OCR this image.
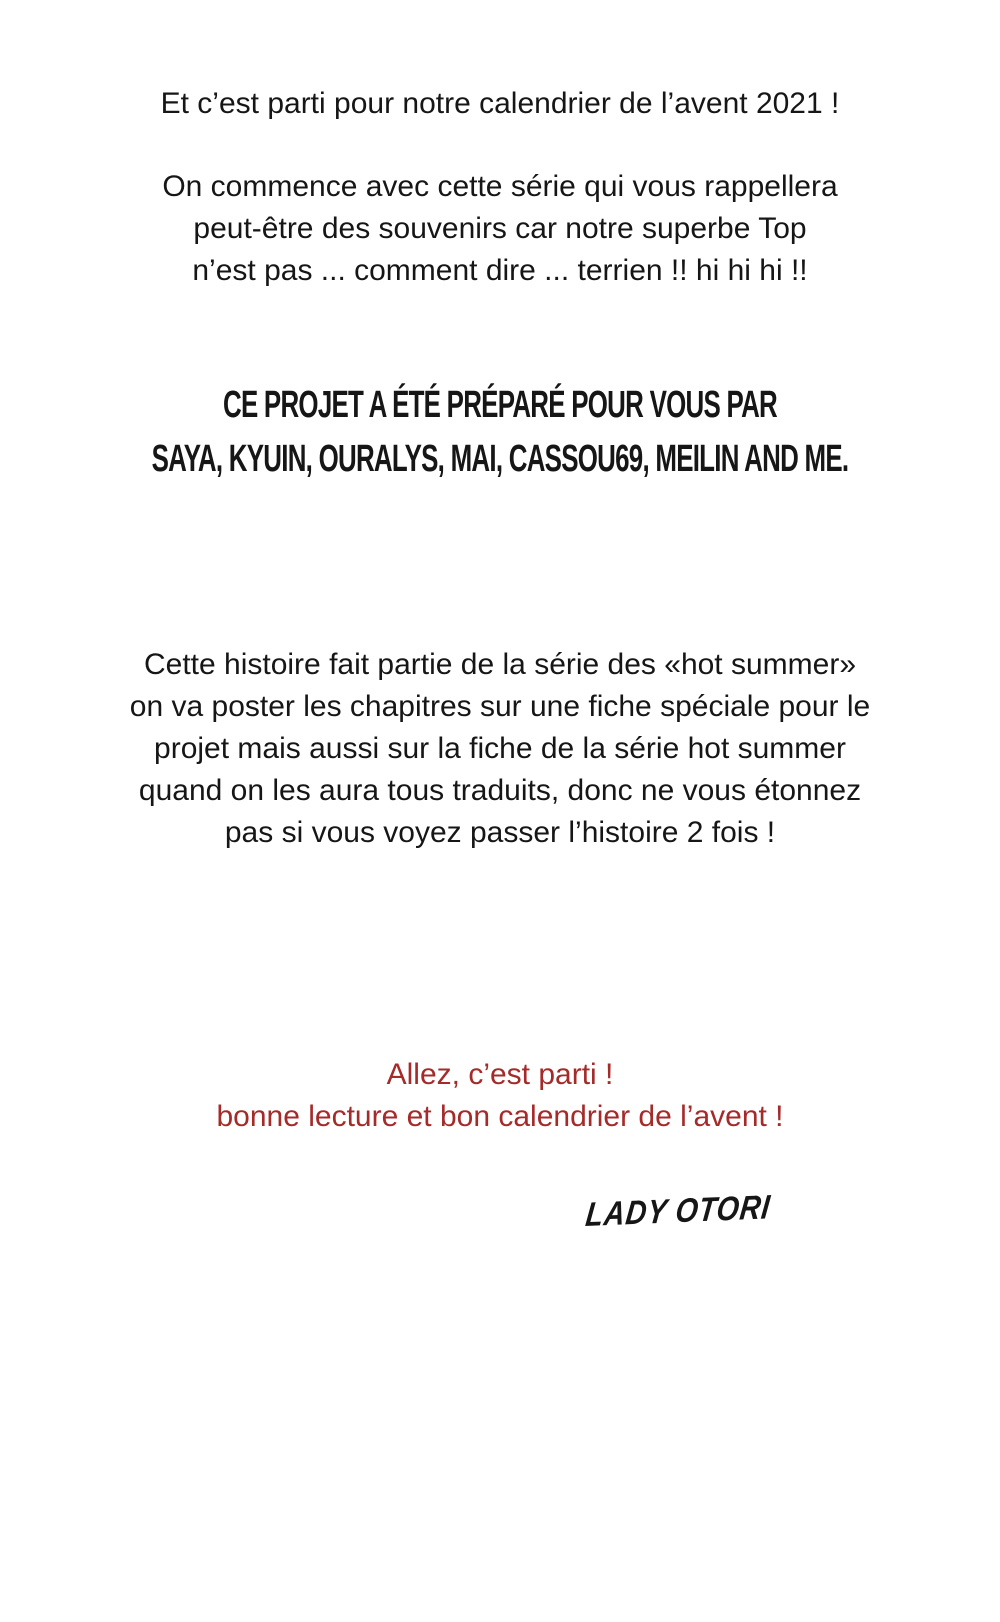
Et c’est parti pour notre calendrier de l’avent 2021 !
On commence avec cette série qui vous rappellera
peut-être des souvenirs car notre superbe Top
n’est pas ... comment dire ... terrien !! hi hi hi !!
CE PROJET A ÉTÉ PRÉPARÉ POUR VOUS PAR
SAYA, KYUIN, OURALYS, MAI, CASSOU69, MEILIN AND ME.
Cette histoire fait partie de la série des «hot summer»
on va poster les chapitres sur une fiche spéciale pour le
projet mais aussi sur la fiche de la série hot summer
quand on les aura tous traduits, donc ne vous étonnez
pas si vous voyez passer l’histoire 2 fois !
Allez, c’est parti !
bonne lecture et bon calendrier de l’avent !
LADY OTORI
